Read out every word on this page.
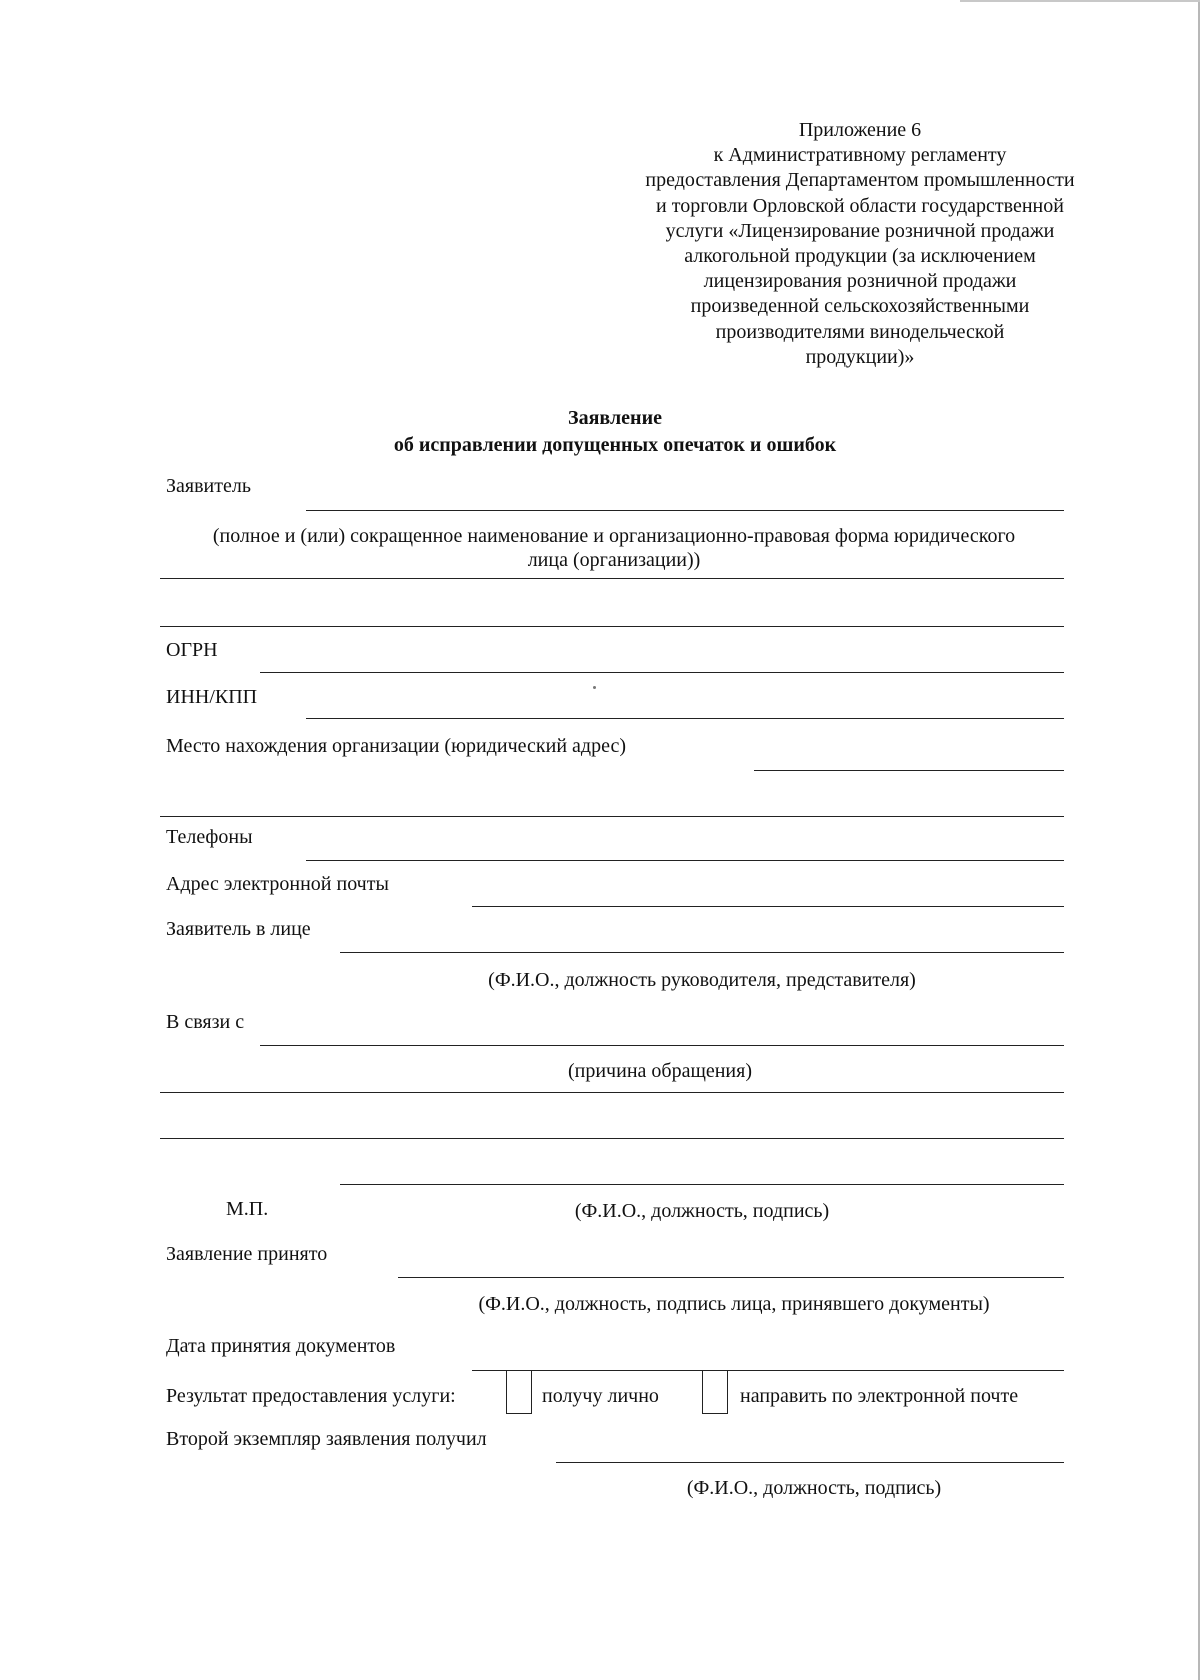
Приложение 6
к Административному регламенту
предоставления Департаментом промышленности
и торговли Орловской области государственной
услуги «Лицензирование розничной продажи
алкогольной продукции (за исключением
лицензирования розничной продажи
произведенной сельскохозяйственными
производителями винодельческой
продукции)»
Заявление
об исправлении допущенных опечаток и ошибок
Заявитель
(полное и (или) сокращенное наименование и организационно-правовая форма юридического
лица (организации))
ОГРН
ИНН/КПП
Место нахождения организации (юридический адрес)
Телефоны
Адрес электронной почты
Заявитель в лице
(Ф.И.О., должность руководителя, представителя)
В связи с
(причина обращения)
М.П.	(Ф.И.О., должность, подпись)
Заявление принято
(Ф.И.О., должность, подпись лица, принявшего документы)
Дата принятия документов
Результат предоставления услуги:	получу лично	направить по электронной почте
Второй экземпляр заявления получил
(Ф.И.О., должность, подпись)
